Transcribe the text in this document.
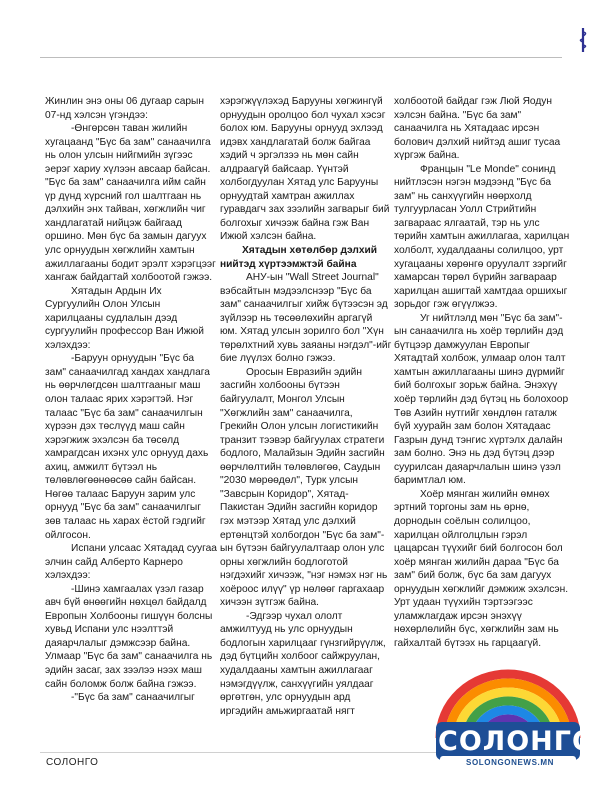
Жинлин энэ оны 06 дугаар сарын 07-нд хэлсэн үгэндээ:

-Өнгөрсөн таван жилийн хугацаанд "Бүс ба зам" санаачилга нь олон улсын нийгмийн зүгээс эерэг хариу хүлээн авсаар байсан. "Бүс ба зам" санаачилга ийм сайн үр дүнд хүрсний гол шалтгаан нь дэлхийн энх тайван, хөгжлийн чиг хандлагатай нийцэж байгаад оршино. Мөн бүс ба замын дагуух улс орнуудын хөгжлийн хамтын ажиллагааны бодит эрэлт хэрэгцээг хангаж байдагтай холбоотой гэжээ.

Хятадын Ардын Их Сургуулийн Олон Улсын харилцааны судлалын дээд сургуулийн профессор Ван Ижюй хэлэхдээ:

-Баруун орнуудын "Бүс ба зам" санаачилгад хандах хандлага нь өөрчлөгдсөн шалтгааныг маш олон талаас ярих хэрэгтэй. Нэг талаас "Бүс ба зам" санаачилгын хүрээн дэх төслүүд маш сайн хэрэгжиж эхэлсэн ба төсөлд хамрагдсан ихэнх улс орнууд дахь ахиц, амжилт бүтээл нь төлөвлөгөөнөөсөө сайн байсан. Нөгөө талаас Баруун зарим улс орнууд "Бүс ба зам" санаачилгыг зөв талаас нь харах ёстой гэдгийг ойлгосон.

Испани улсаас Хятадад суугаа элчин сайд Алберто Карнеро хэлэхдээ:

-Шинэ хамгаалах үзэл газар авч бүй өнөөгийн нөхцөл байдалд Европын Холбооны гишүүн болсны хувьд Испани улс нээлттэй даяарчлалыг дэмжсээр байна. Улмаар "Бүс ба зам" санаачилга нь эдийн засаг, зах зээлээ нээх маш сайн боломж болж байна гэжээ.

-"Бүс ба зам" санаачилгыг

хэрэгжүүлэхэд Барууны хөгжингүй орнуудын оролцоо бол чухал хэсэг болох юм. Барууны орнууд эхлээд идэвх хандлагатай болж байгаа хэдий ч эргэлзээ нь мөн сайн алдраагүй байсаар. Үүнтэй холбогдуулан Хятад улс Барууны орнуудтай хамтран ажиллах гуравдагч зах зээлийн загварыг бий болгохыг хичээж байна гэж Ван Ижюй хэлсэн байна.

Хятадын хөтөлбөр дэлхий нийтэд хүртээмжтэй байна

АНУ-ын "Wall Street Journal" вэбсайтын мэдээлснээр "Бүс ба зам" санаачилгыг хийж бүтээсэн эд зүйлээр нь төсөөлөхийн аргагүй юм. Хятад улсын зорилго бол "Хүн төрөлхтний хувь заяаны нэгдэл"-ийг бие лүүлэх болно гэжээ.

Оросын Евразийн эдийн засгийн холбооны бүтээн байгуулалт, Монгол Улсын "Хөгжлийн зам" санаачилга, Грекийн Олон улсын логистикийн транзит тээвэр байгуулах стратеги бодлого, Малайзын Эдийн засгийн өөрчлөлтийн төлөвлөгөө, Саудын "2030 мөрөөдөл", Турк улсын "Завсрын Коридор", Хятад-Пакистан Эдийн засгийн коридор гэх мэтээр Хятад улс дэлхий ертөнцтэй холбогдон "Бүс ба зам"-ын бүтээн байгуулалтаар олон улс орны хөгжлийн бодлоготой нэгдэхийг хичээж, "нэг нэмэх нэг нь хоёроос илүү" үр нөлөөг гаргахаар хичээн зүтгэж байна.

-Эдгээр чухал ололт амжилтууд нь улс орнуудын бодлогын харилцааг гүнзгийрүүлж, дэд бүтцийн холбоог сайжруулан, худалдааны хамтын ажиллагааг нэмэгдүүлж, санхүүгийн уялдааг өргөтгөн, улс орнуудын ард иргэдийн амьжиргаатай нягт

холбоотой байдаг гэж Люй Яодун хэлсэн байна. "Бүс ба зам" санаачилга нь Хятадаас ирсэн болович дэлхий нийтэд ашиг тусаа хүргэж байна.

Францын "Le Monde" сонинд нийтлэсэн нэгэн мэдээнд "Бүс ба зам" нь санхүүгийн нөөрхолд тулгуурласан Уолл Стрийтийн загвараас ялгаатай, тэр нь улс төрийн хамтын ажиллагаа, харилцан холболт, худалдааны солилцоо, урт хугацааны хөрөнгө оруулалт зэргийг хамарсан төрөл бүрийн загвараар харилцан ашигтай хамтдаа оршихыг зорьдог гэж өгүүлжээ.

Уг нийтлэлд мөн "Бүс ба зам"-ын санаачилга нь хоёр төрлийн дэд бүтцээр дамжуулан Европыг Хятадтай холбож, улмаар олон талт хамтын ажиллагааны шинэ дүрмийг бий болгохыг зорьж байна. Энэхүү хоёр төрлийн дэд бүтэц нь болохоор Төв Азийн нутгийг хөндлөн гаталж бүй хуурайн зам болон Хятадаас Газрын дунд тэнгис хүртэлх далайн зам болно. Энэ нь дэд бүтэц дээр суурилсан даяарчлалын шинэ үзэл баримтлал юм.

Хоёр мянган жилийн өмнөх эртний торгоны зам нь өрнө, дорнодын соёлын солилцоо, харилцан ойлголцлын гэрэл цацарсан түүхийг бий болгосон бол хоёр мянган жилийн дараа "Бүс ба зам" бий болж, бүс ба зам дагуух орнуудын хөгжлийг дэмжиж эхэлсэн. Урт удаан түүхийн тэртээгээс уламжлагдаж ирсэн энэхүү нөхөрлөлийн бүс, хөгжлийн зам нь гайхалтай бүтээх нь гарцаагүй.

СОЛОНГО
СОЛОНГО
SOLONGONEWS.MN
